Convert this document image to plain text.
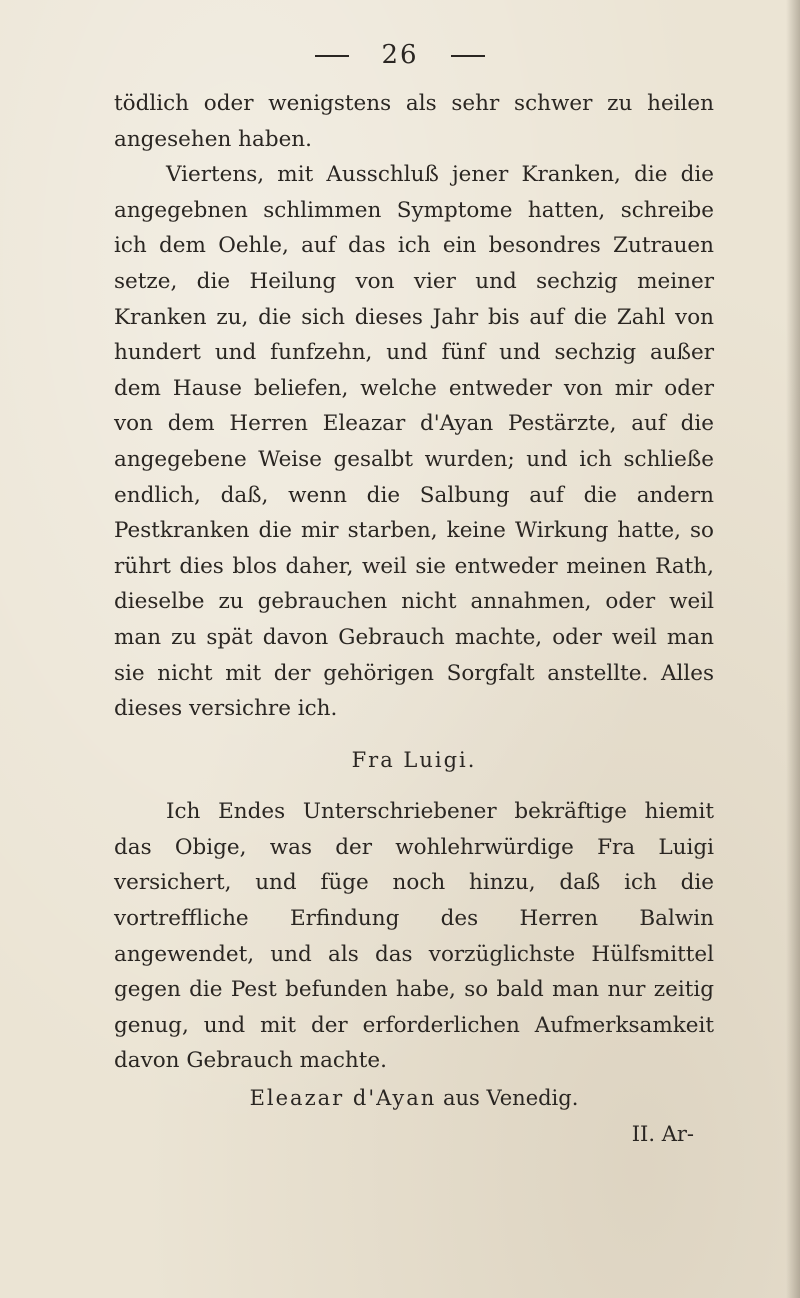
26

tödlich oder wenigstens als sehr schwer zu heilen angesehen haben.

Viertens, mit Ausschluß jener Kranken, die die angegebnen schlimmen Symptome hatten, schreibe ich dem Oehle, auf das ich ein besondres Zutrauen setze, die Heilung von vier und sechzig meiner Kranken zu, die sich dieses Jahr bis auf die Zahl von hundert und funfzehn, und fünf und sechzig außer dem Hause beliefen, welche entweder von mir oder von dem Herren Eleazar d'Ayan Pestärzte, auf die angegebene Weise gesalbt wurden; und ich schließe endlich, daß, wenn die Salbung auf die andern Pestkranken die mir starben, keine Wirkung hatte, so rührt dies blos daher, weil sie entweder meinen Rath, dieselbe zu gebrauchen nicht annahmen, oder weil man zu spät davon Gebrauch machte, oder weil man sie nicht mit der gehörigen Sorgfalt anstellte. Alles dieses versichre ich.

Fra Luigi.

Ich Endes Unterschriebener bekräftige hiemit das Obige, was der wohlehrwürdige Fra Luigi versichert, und füge noch hinzu, daß ich die vortreffliche Erfindung des Herren Balwin angewendet, und als das vorzüglichste Hülfsmittel gegen die Pest befunden habe, so bald man nur zeitig genug, und mit der erforderlichen Aufmerksamkeit davon Gebrauch machte.

Eleazar d'Ayan aus Venedig.

II. Ar-
